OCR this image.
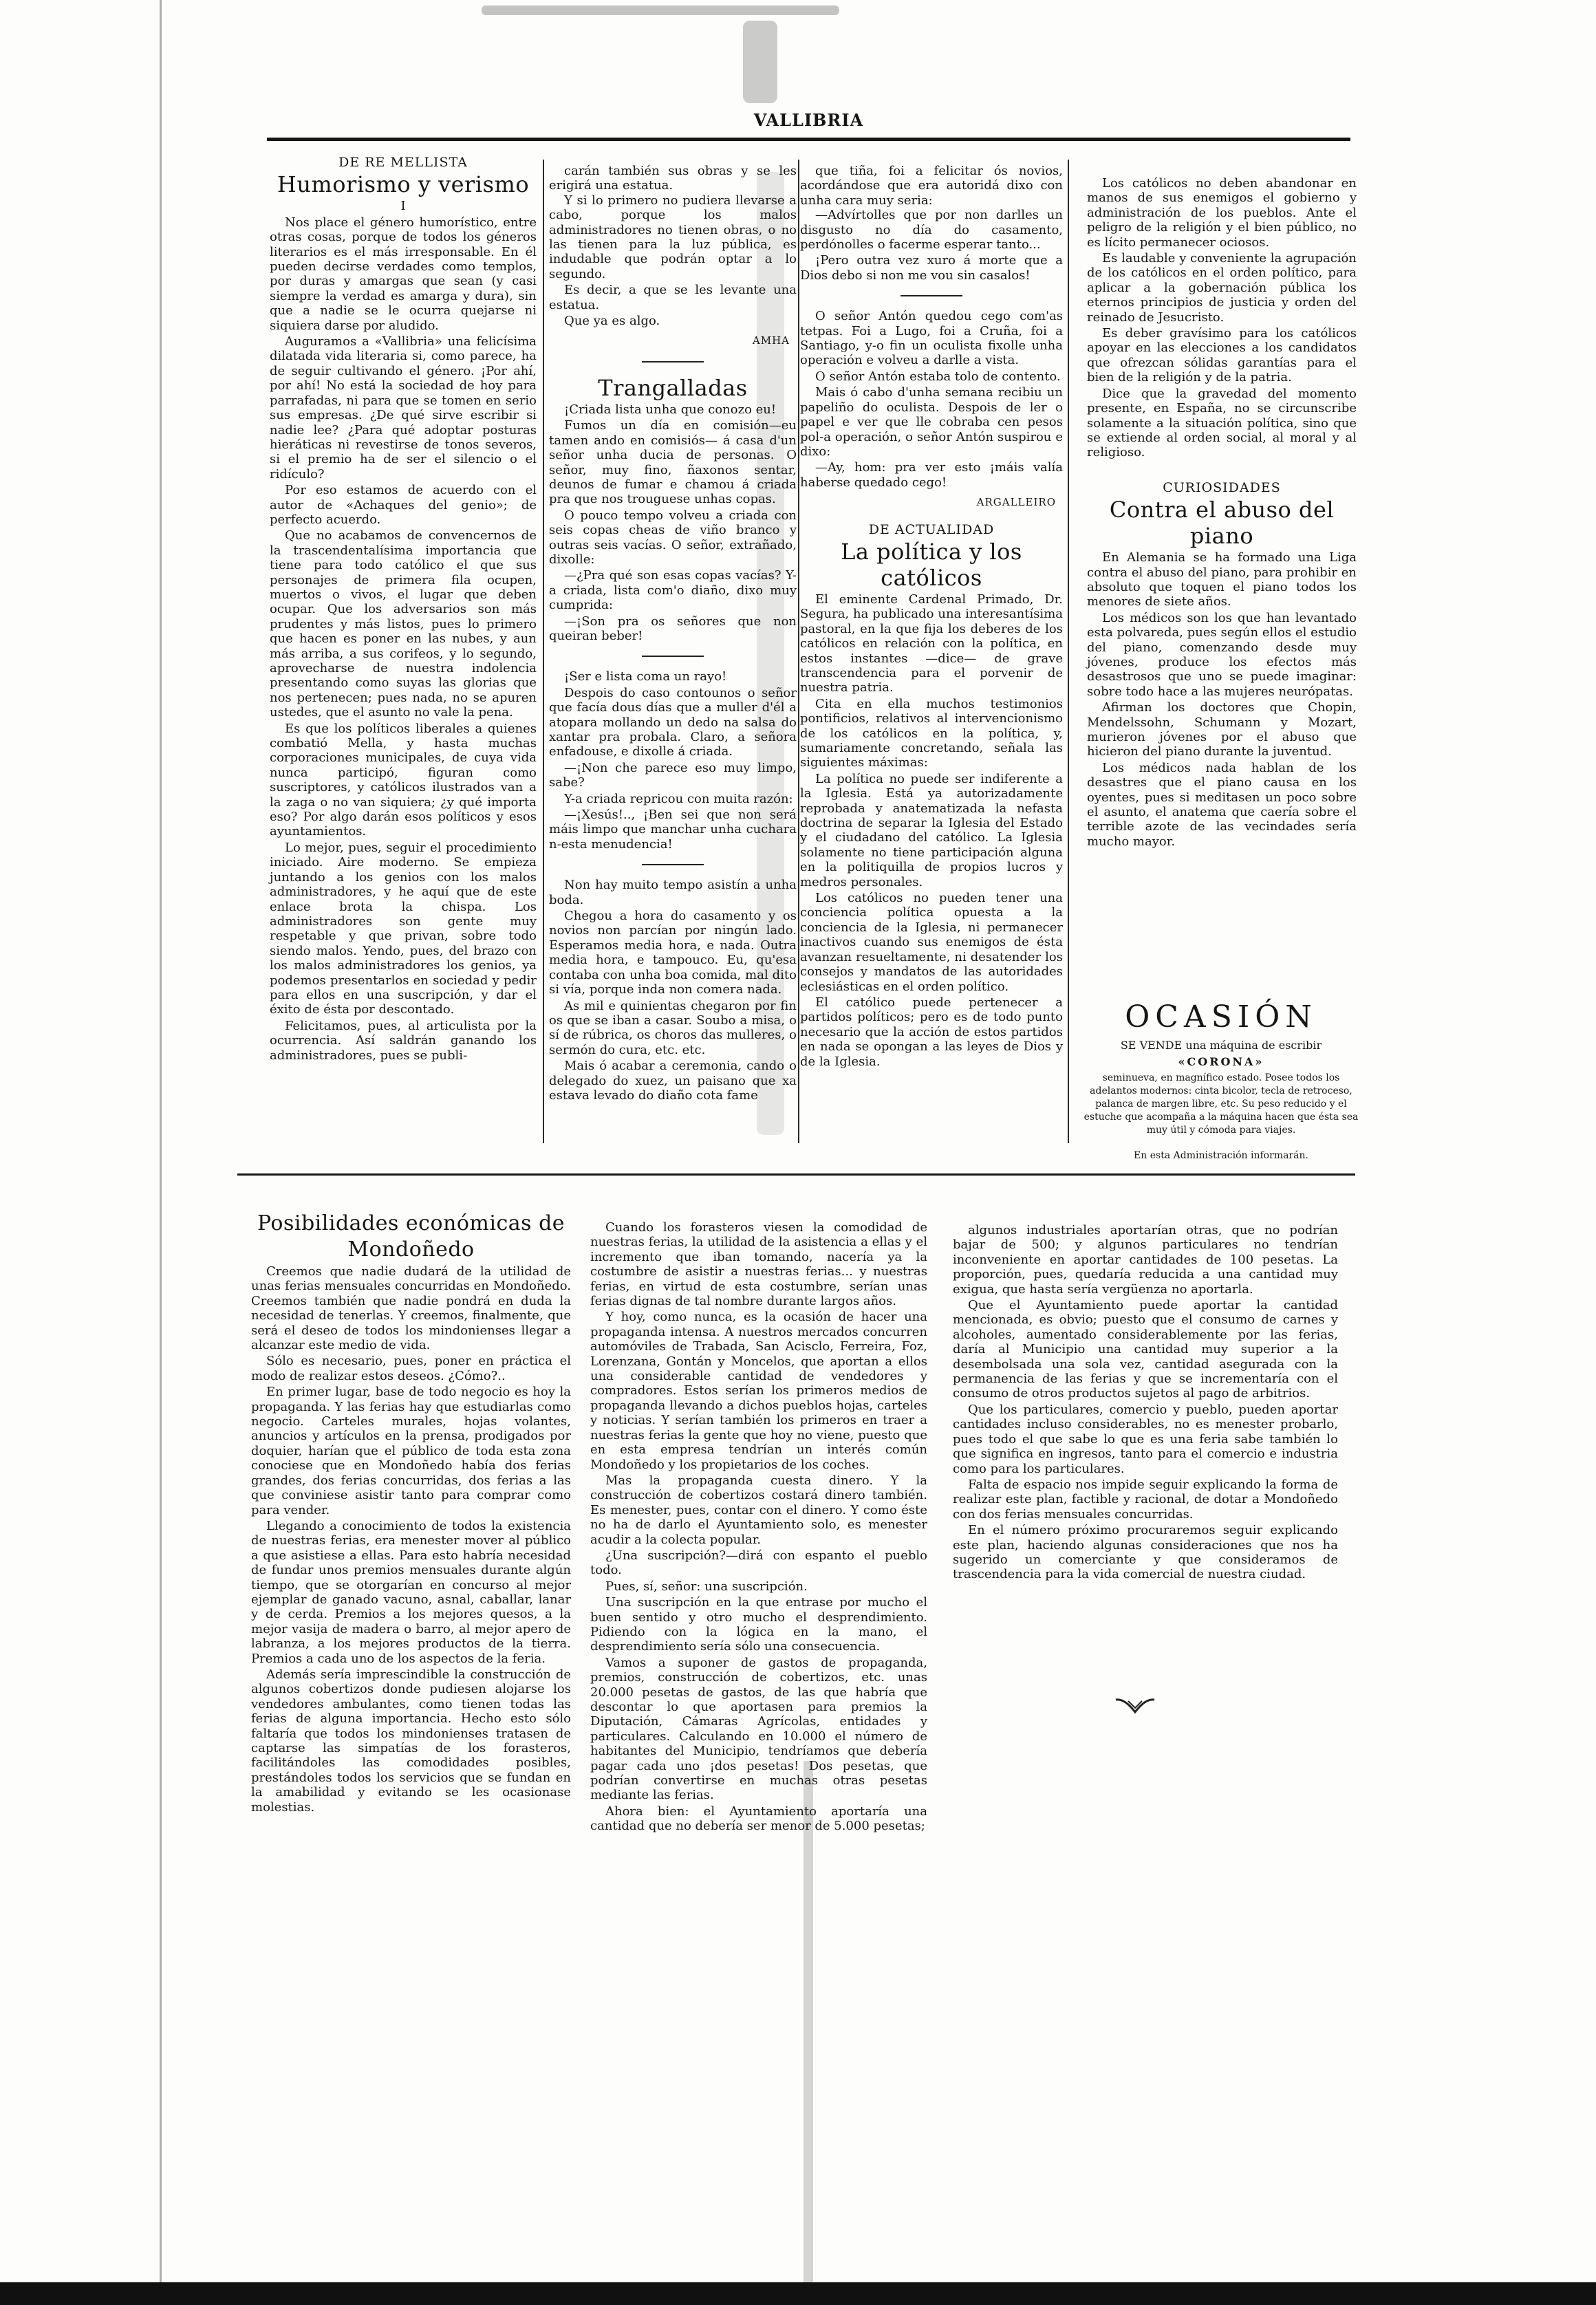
VALLIBRIA

DE RE MELLISTA

Humorismo y verismo

I

Nos place el género humorístico, entre otras cosas, porque de todos los géneros literarios es el más irresponsable. En él pueden decirse verdades como templos, por duras y amargas que sean (y casi siempre la verdad es amarga y dura), sin que a nadie se le ocurra quejarse ni siquiera darse por aludido.

Auguramos a «Vallibria» una felicísima dilatada vida literaria si, como parece, ha de seguir cultivando el género. ¡Por ahí, por ahí! No está la sociedad de hoy para parrafadas, ni para que se tomen en serio sus empresas. ¿De qué sirve escribir si nadie lee? ¿Para qué adoptar posturas hieráticas ni revestirse de tonos severos, si el premio ha de ser el silencio o el ridículo?

Por eso estamos de acuerdo con el autor de «Achaques del genio»; de perfecto acuerdo.

Que no acabamos de convencernos de la trascendentalísima importancia que tiene para todo católico el que sus personajes de primera fila ocupen, muertos o vivos, el lugar que deben ocupar. Que los adversarios son más prudentes y más listos, pues lo primero que hacen es poner en las nubes, y aun más arriba, a sus corifeos, y lo segundo, aprovecharse de nuestra indolencia presentando como suyas las glorias que nos pertenecen; pues nada, no se apuren ustedes, que el asunto no vale la pena.

Es que los políticos liberales a quienes combatió Mella, y hasta muchas corporaciones municipales, de cuya vida nunca participó, figuran como suscriptores, y católicos ilustrados van a la zaga o no van siquiera; ¿y qué importa eso? Por algo darán esos políticos y esos ayuntamientos.

Lo mejor, pues, seguir el procedimiento iniciado. Aire moderno. Se empieza juntando a los genios con los malos administradores, y he aquí que de este enlace brota la chispa. Los administradores son gente muy respetable y que privan, sobre todo siendo malos. Yendo, pues, del brazo con los malos administradores los genios, ya podemos presentarlos en sociedad y pedir para ellos en una suscripción, y dar el éxito de ésta por descontado.

Felicitamos, pues, al articulista por la ocurrencia. Así saldrán ganando los administradores, pues se publi-

carán también sus obras y se les erigirá una estatua.

Y si lo primero no pudiera llevarse a cabo, porque los malos administradores no tienen obras, o no las tienen para la luz pública, es indudable que podrán optar a lo segundo.

Es decir, a que se les levante una estatua.

Que ya es algo.

AMHA

Trangalladas

¡Criada lista unha que conozo eu!

Fumos un día en comisión—eu tamen ando en comisiós— á casa d'un señor unha ducia de personas. O señor, muy fino, ñaxonos sentar, deunos de fumar e chamou á criada pra que nos trouguese unhas copas.

O pouco tempo volveu a criada con seis copas cheas de viño branco y outras seis vacías. O señor, extrañado, dixolle:

—¿Pra qué son esas copas vacías? Y-a criada, lista com'o diaño, dixo muy cumprida:

—¡Son pra os señores que non queiran beber!

¡Ser e lista coma un rayo!

Despois do caso contounos o señor que facía dous días que a muller d'él a atopara mollando un dedo na salsa do xantar pra probala. Claro, a señora enfadouse, e dixolle á criada.

—¡Non che parece eso muy limpo, sabe?

Y-a criada repricou con muita razón:

—¡Xesús!.., ¡Ben sei que non será máis limpo que manchar unha cuchara n-esta menudencia!

Non hay muito tempo asistín a unha boda.

Chegou a hora do casamento y os novios non parcían por ningún lado. Esperamos media hora, e nada. Outra media hora, e tampouco. Eu, qu'esa contaba con unha boa comida, mal dito si vía, porque inda non comera nada.

As mil e quinientas chegaron por fin os que se iban a casar. Soubo a misa, o sí de rúbrica, os choros das mulleres, o sermón do cura, etc. etc.

Mais ó acabar a ceremonia, cando o delegado do xuez, un paisano que xa estava levado do diaño cota fame

que tiña, foi a felicitar ós novios, acordándose que era autoridá dixo con unha cara muy seria:

—Advírtolles que por non darlles un disgusto no día do casamento, perdónolles o facerme esperar tanto...

¡Pero outra vez xuro á morte que a Dios debo si non me vou sin casalos!

O señor Antón quedou cego com'as tetpas. Foi a Lugo, foi a Cruña, foi a Santiago, y-o fin un oculista fixolle unha operación e volveu a darlle a vista.

O señor Antón estaba tolo de contento.

Mais ó cabo d'unha semana recibiu un papeliño do oculista. Despois de ler o papel e ver que lle cobraba cen pesos pol-a operación, o señor Antón suspirou e dixo:

—Ay, hom: pra ver esto ¡máis valía haberse quedado cego!

ARGALLEIRO

DE ACTUALIDAD

La política y los católicos

El eminente Cardenal Primado, Dr. Segura, ha publicado una interesantísima pastoral, en la que fija los deberes de los católicos en relación con la política, en estos instantes —dice— de grave transcendencia para el porvenir de nuestra patria.

Cita en ella muchos testimonios pontificios, relativos al intervencionismo de los católicos en la política, y, sumariamente concretando, señala las siguientes máximas:

La política no puede ser indiferente a la Iglesia. Está ya autorizadamente reprobada y anatematizada la nefasta doctrina de separar la Iglesia del Estado y el ciudadano del católico. La Iglesia solamente no tiene participación alguna en la politiquilla de propios lucros y medros personales.

Los católicos no pueden tener una conciencia política opuesta a la conciencia de la Iglesia, ni permanecer inactivos cuando sus enemigos de ésta avanzan resueltamente, ni desatender los consejos y mandatos de las autoridades eclesiásticas en el orden político.

El católico puede pertenecer a partidos políticos; pero es de todo punto necesario que la acción de estos partidos en nada se opongan a las leyes de Dios y de la Iglesia.

Los católicos no deben abandonar en manos de sus enemigos el gobierno y administración de los pueblos. Ante el peligro de la religión y el bien público, no es lícito permanecer ociosos.

Es laudable y conveniente la agrupación de los católicos en el orden político, para aplicar a la gobernación pública los eternos principios de justicia y orden del reinado de Jesucristo.

Es deber gravísimo para los católicos apoyar en las elecciones a los candidatos que ofrezcan sólidas garantías para el bien de la religión y de la patria.

Dice que la gravedad del momento presente, en España, no se circunscribe solamente a la situación política, sino que se extiende al orden social, al moral y al religioso.

CURIOSIDADES

Contra el abuso del piano

En Alemania se ha formado una Liga contra el abuso del piano, para prohibir en absoluto que toquen el piano todos los menores de siete años.

Los médicos son los que han levantado esta polvareda, pues según ellos el estudio del piano, comenzando desde muy jóvenes, produce los efectos más desastrosos que uno se puede imaginar: sobre todo hace a las mujeres neurópatas.

Afirman los doctores que Chopin, Mendelssohn, Schumann y Mozart, murieron jóvenes por el abuso que hicieron del piano durante la juventud.

Los médicos nada hablan de los desastres que el piano causa en los oyentes, pues si meditasen un poco sobre el asunto, el anatema que caería sobre el terrible azote de las vecindades sería mucho mayor.

OCASIÓN
SE VENDE una máquina de escribir
«CORONA»
seminueva, en magnífico estado. Posee todos los adelantos modernos: cinta bicolor, tecla de retroceso, palanca de margen libre, etc. Su peso reducido y el estuche que acompaña a la máquina hacen que ésta sea muy útil y cómoda para viajes.
En esta Administración informarán.

Posibilidades económicas de Mondoñedo

Creemos que nadie dudará de la utilidad de unas ferias mensuales concurridas en Mondoñedo. Creemos también que nadie pondrá en duda la necesidad de tenerlas. Y creemos, finalmente, que será el deseo de todos los mindonienses llegar a alcanzar este medio de vida.

Sólo es necesario, pues, poner en práctica el modo de realizar estos deseos. ¿Cómo?..

En primer lugar, base de todo negocio es hoy la propaganda. Y las ferias hay que estudiarlas como negocio. Carteles murales, hojas volantes, anuncios y artículos en la prensa, prodigados por doquier, harían que el público de toda esta zona conociese que en Mondoñedo había dos ferias grandes, dos ferias concurridas, dos ferias a las que conviniese asistir tanto para comprar como para vender.

Llegando a conocimiento de todos la existencia de nuestras ferias, era menester mover al público a que asistiese a ellas. Para esto habría necesidad de fundar unos premios mensuales durante algún tiempo, que se otorgarían en concurso al mejor ejemplar de ganado vacuno, asnal, caballar, lanar y de cerda. Premios a los mejores quesos, a la mejor vasija de madera o barro, al mejor apero de labranza, a los mejores productos de la tierra. Premios a cada uno de los aspectos de la feria.

Además sería imprescindible la construcción de algunos cobertizos donde pudiesen alojarse los vendedores ambulantes, como tienen todas las ferias de alguna importancia. Hecho esto sólo faltaría que todos los mindonienses tratasen de captarse las simpatías de los forasteros, facilitándoles las comodidades posibles, prestándoles todos los servicios que se fundan en la amabilidad y evitando se les ocasionase molestias.

Cuando los forasteros viesen la comodidad de nuestras ferias, la utilidad de la asistencia a ellas y el incremento que iban tomando, nacería ya la costumbre de asistir a nuestras ferias... y nuestras ferias, en virtud de esta costumbre, serían unas ferias dignas de tal nombre durante largos años.

Y hoy, como nunca, es la ocasión de hacer una propaganda intensa. A nuestros mercados concurren automóviles de Trabada, San Acisclo, Ferreira, Foz, Lorenzana, Gontán y Moncelos, que aportan a ellos una considerable cantidad de vendedores y compradores. Estos serían los primeros medios de propaganda llevando a dichos pueblos hojas, carteles y noticias. Y serían también los primeros en traer a nuestras ferias la gente que hoy no viene, puesto que en esta empresa tendrían un interés común Mondoñedo y los propietarios de los coches.

Mas la propaganda cuesta dinero. Y la construcción de cobertizos costará dinero también. Es menester, pues, contar con el dinero. Y como éste no ha de darlo el Ayuntamiento solo, es menester acudir a la colecta popular.

¿Una suscripción?—dirá con espanto el pueblo todo.

Pues, sí, señor: una suscripción.

Una suscripción en la que entrase por mucho el buen sentido y otro mucho el desprendimiento. Pidiendo con la lógica en la mano, el desprendimiento sería sólo una consecuencia.

Vamos a suponer de gastos de propaganda, premios, construcción de cobertizos, etc. unas 20.000 pesetas de gastos, de las que habría que descontar lo que aportasen para premios la Diputación, Cámaras Agrícolas, entidades y particulares. Calculando en 10.000 el número de habitantes del Municipio, tendríamos que debería pagar cada uno ¡dos pesetas! Dos pesetas, que podrían convertirse en muchas otras pesetas mediante las ferias.

Ahora bien: el Ayuntamiento aportaría una cantidad que no debería ser menor de 5.000 pesetas;

algunos industriales aportarían otras, que no podrían bajar de 500; y algunos particulares no tendrían inconveniente en aportar cantidades de 100 pesetas. La proporción, pues, quedaría reducida a una cantidad muy exigua, que hasta sería vergüenza no aportarla.

Que el Ayuntamiento puede aportar la cantidad mencionada, es obvio; puesto que el consumo de carnes y alcoholes, aumentado considerablemente por las ferias, daría al Municipio una cantidad muy superior a la desembolsada una sola vez, cantidad asegurada con la permanencia de las ferias y que se incrementaría con el consumo de otros productos sujetos al pago de arbitrios.

Que los particulares, comercio y pueblo, pueden aportar cantidades incluso considerables, no es menester probarlo, pues todo el que sabe lo que es una feria sabe también lo que significa en ingresos, tanto para el comercio e industria como para los particulares.

Falta de espacio nos impide seguir explicando la forma de realizar este plan, factible y racional, de dotar a Mondoñedo con dos ferias mensuales concurridas.

En el número próximo procuraremos seguir explicando este plan, haciendo algunas consideraciones que nos ha sugerido un comerciante y que consideramos de trascendencia para la vida comercial de nuestra ciudad.
